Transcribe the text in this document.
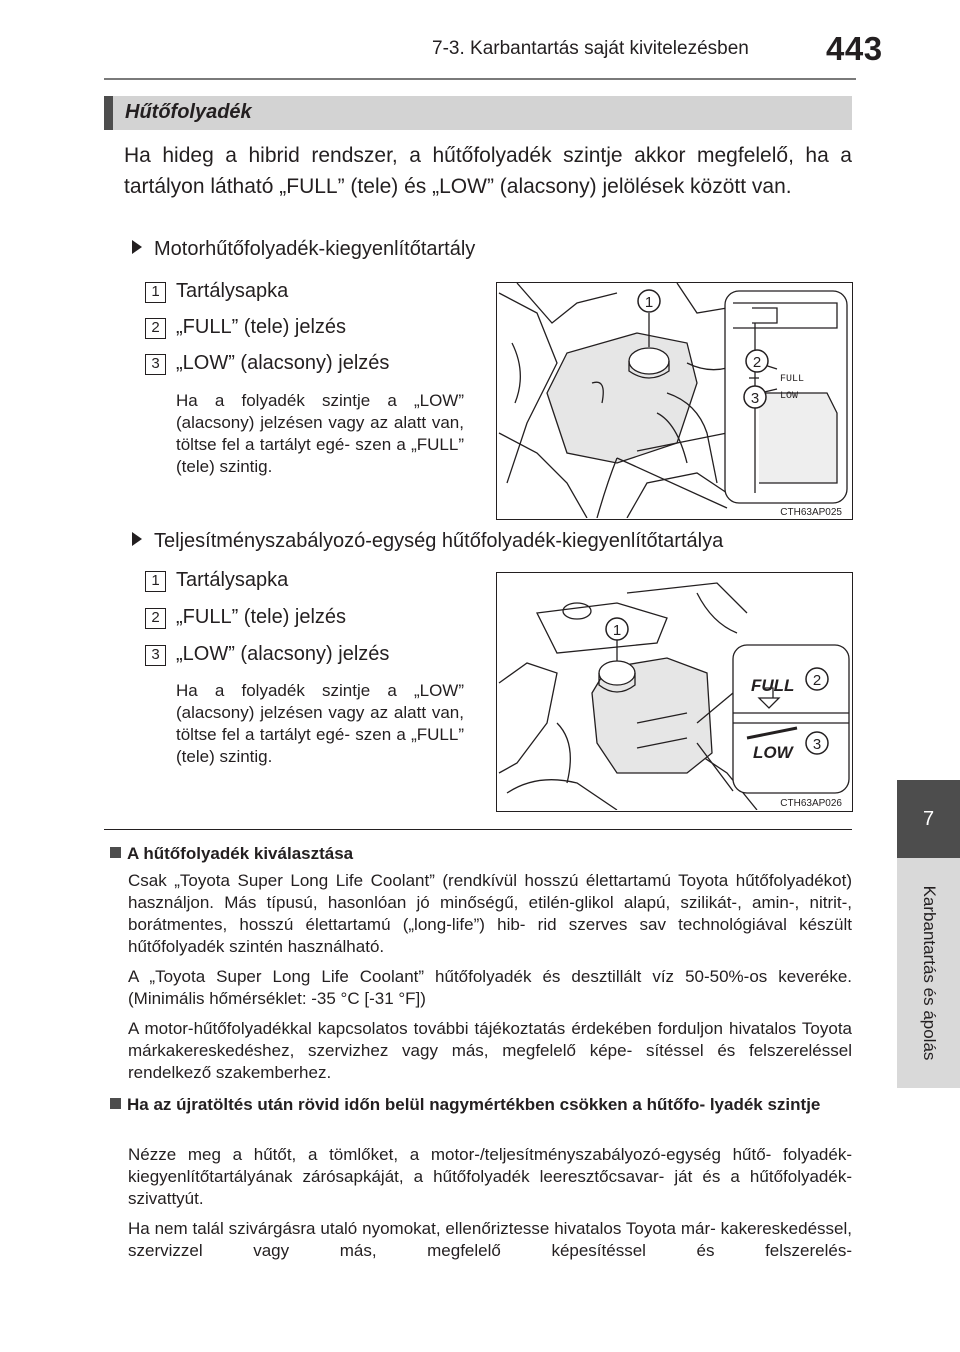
7-3. Karbantartás saját kivitelezésben 443
7
Karbantartás és ápolás
Hűtőfolyadék
Ha hideg a hibrid rendszer, a hűtőfolyadék szintje akkor megfelelő, ha a tartályon látható „FULL” (tele) és „LOW” (alacsony) jelölések között van.
Motorhűtőfolyadék-kiegyenlítőtartály
1 Tartálysapka
2 „FULL” (tele) jelzés
3 „LOW” (alacsony) jelzés
Ha a folyadék szintje a „LOW” (alacsony) jelzésen vagy az alatt van, töltse fel a tartályt egé- szen a „FULL” (tele) szintig.
1
2
3
FULL
LOW
CTH63AP025
Teljesítményszabályozó-egység hűtőfolyadék-kiegyenlítőtartálya
1 Tartálysapka
2 „FULL” (tele) jelzés
3 „LOW” (alacsony) jelzés
Ha a folyadék szintje a „LOW” (alacsony) jelzésen vagy az alatt van, töltse fel a tartályt egé- szen a „FULL” (tele) szintig.
1
2
3
FULL
LOW
CTH63AP026
A hűtőfolyadék kiválasztása
Csak „Toyota Super Long Life Coolant” (rendkívül hosszú élettartamú Toyota hűtőfolyadékot) használjon. Más típusú, hasonlóan jó minőségű, etilén-glikol alapú, szilikát-, amin-, nitrit-, borátmentes, hosszú élettartamú („long-life”) hib- rid szerves sav technológiával készült hűtőfolyadék szintén használható.
A „Toyota Super Long Life Coolant” hűtőfolyadék és desztillált víz 50-50%-os keveréke. (Minimális hőmérséklet: -35 °C [-31 °F])
A motor-hűtőfolyadékkal kapcsolatos további tájékoztatás érdekében forduljon hivatalos Toyota márkakereskedéshez, szervizhez vagy más, megfelelő képe- sítéssel és felszereléssel rendelkező szakemberhez.
Ha az újratöltés után rövid időn belül nagymértékben csökken a hűtőfo- lyadék szintje
Nézze meg a hűtőt, a tömlőket, a motor-/teljesítményszabályozó-egység hűtő- folyadék-kiegyenlítőtartályának zárósapkáját, a hűtőfolyadék leeresztőcsavar- ját és a hűtőfolyadék-szivattyút.
Ha nem talál szivárgásra utaló nyomokat, ellenőriztesse hivatalos Toyota már- kakereskedéssel, szervizzel vagy más, megfelelő képesítéssel és felszerelés-
